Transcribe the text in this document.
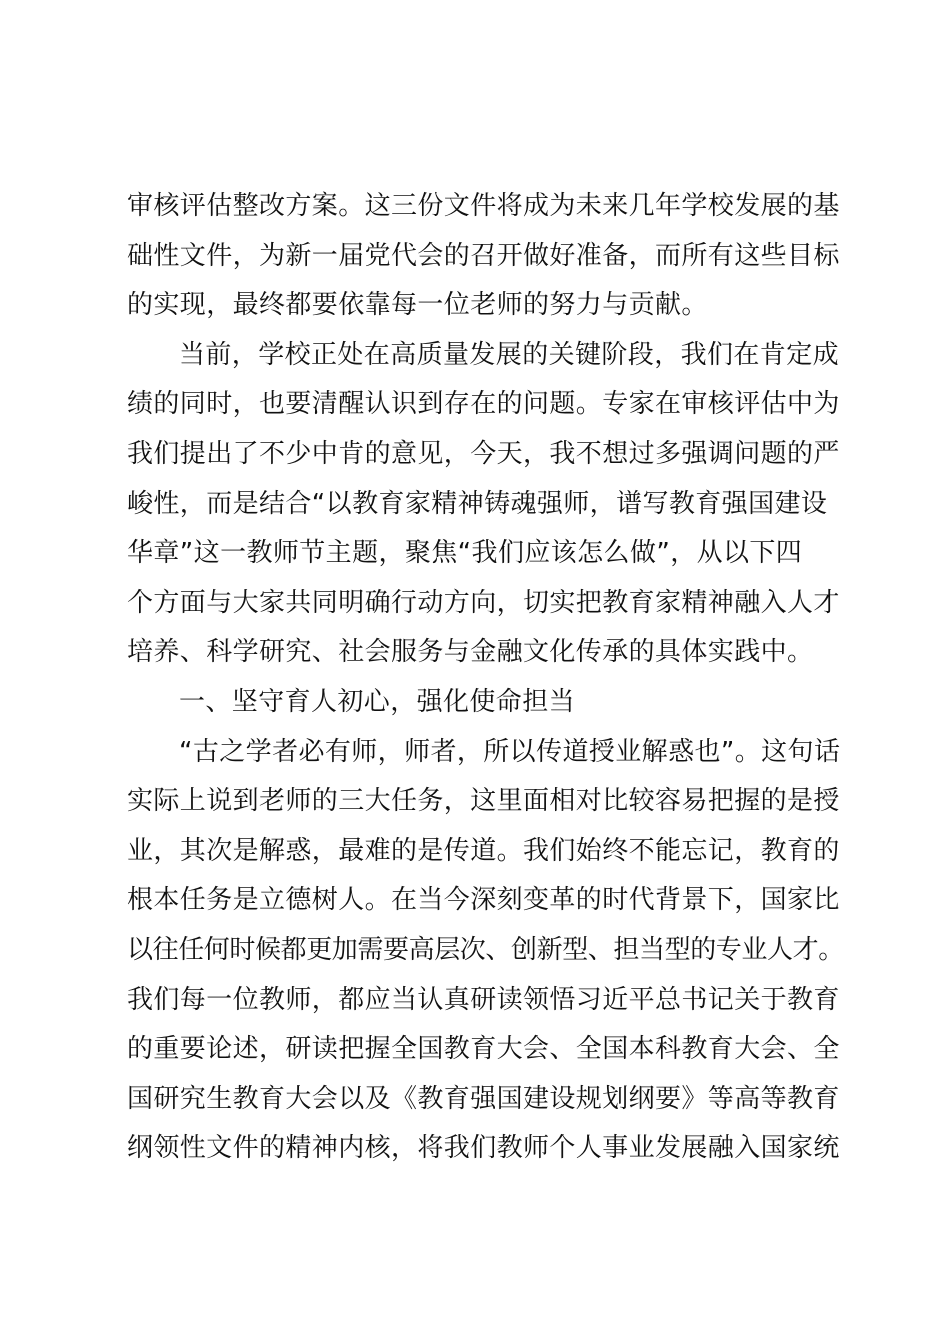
审核评估整改方案。这三份文件将成为未来几年学校发展的基
础性文件，为新一届党代会的召开做好准备，而所有这些目标
的实现，最终都要依靠每一位老师的努力与贡献。
当前，学校正处在高质量发展的关键阶段，我们在肯定成
绩的同时，也要清醒认识到存在的问题。专家在审核评估中为
我们提出了不少中肯的意见，今天，我不想过多强调问题的严
峻性，而是结合“以教育家精神铸魂强师，谱写教育强国建设
华章”这一教师节主题，聚焦“我们应该怎么做”，从以下四
个方面与大家共同明确行动方向，切实把教育家精神融入人才
培养、科学研究、社会服务与金融文化传承的具体实践中。
一、坚守育人初心，强化使命担当
“古之学者必有师，师者，所以传道授业解惑也”。这句话
实际上说到老师的三大任务，这里面相对比较容易把握的是授
业，其次是解惑，最难的是传道。我们始终不能忘记，教育的
根本任务是立德树人。在当今深刻变革的时代背景下，国家比
以往任何时候都更加需要高层次、创新型、担当型的专业人才。
我们每一位教师，都应当认真研读领悟习近平总书记关于教育
的重要论述，研读把握全国教育大会、全国本科教育大会、全
国研究生教育大会以及《教育强国建设规划纲要》等高等教育
纲领性文件的精神内核，将我们教师个人事业发展融入国家统
